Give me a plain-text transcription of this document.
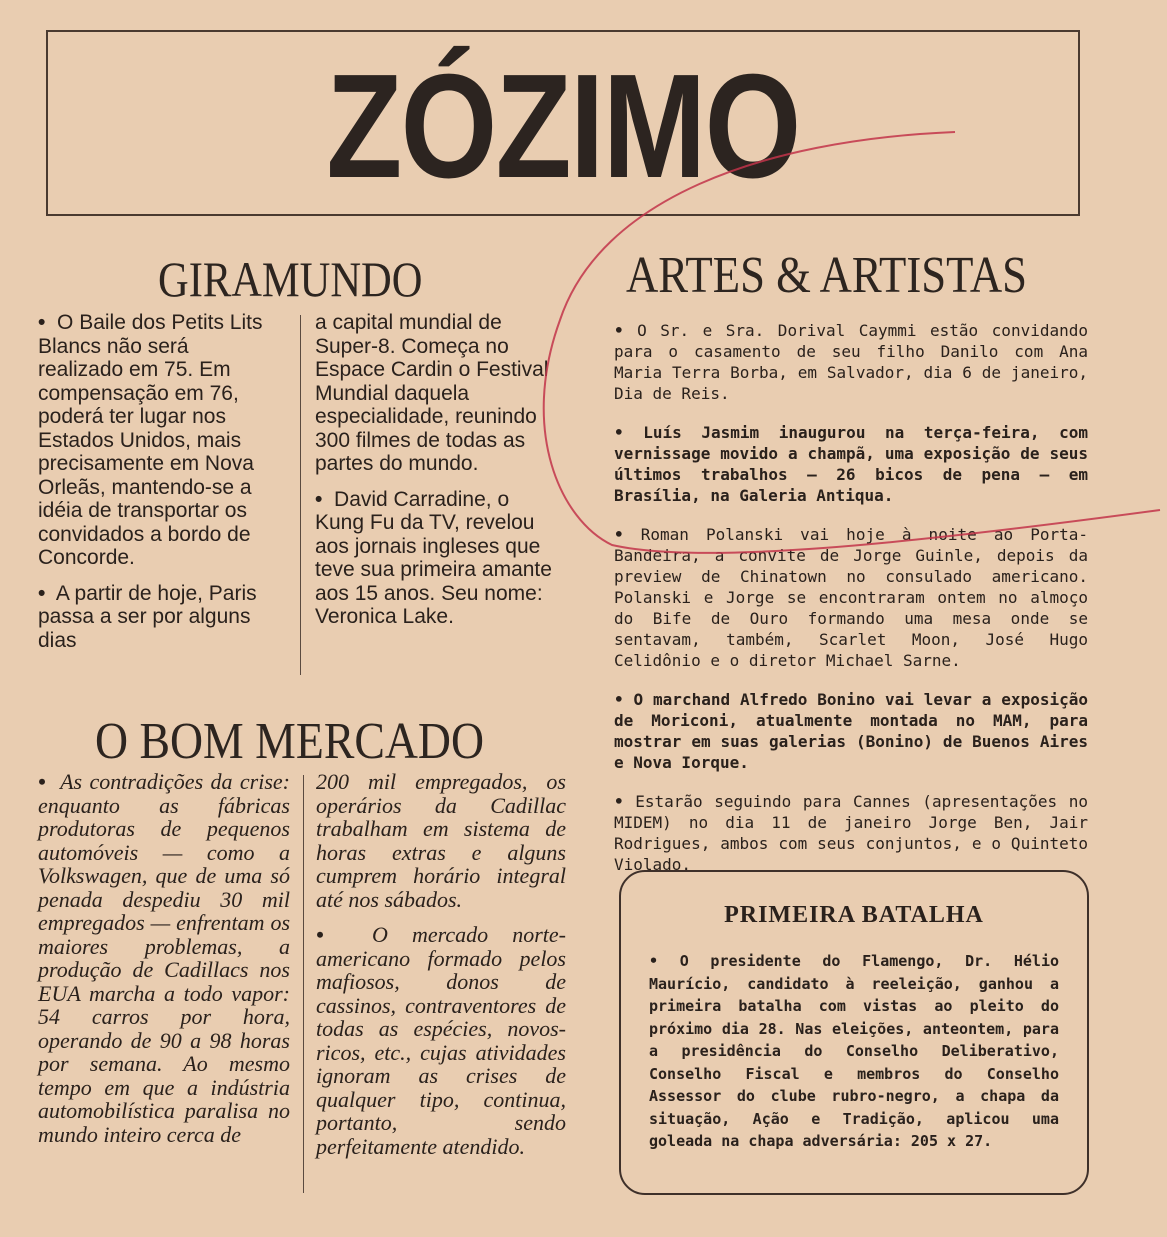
ZÓZIMO
GIRAMUNDO

• O Baile dos Petits Lits Blancs não será realizado em 75. Em compensação em 76, poderá ter lugar nos Estados Unidos, mais precisamente em Nova Orleãs, mantendo-se a idéia de transportar os convidados a bordo de Concorde.

• A partir de hoje, Paris passa a ser por alguns dias

a capital mundial de Super-8. Começa no Espace Cardin o Festival Mundial daquela especialidade, reunindo 300 filmes de todas as partes do mundo.

• David Carradine, o Kung Fu da TV, revelou aos jornais ingleses que teve sua primeira amante aos 15 anos. Seu nome: Veronica Lake.

ARTES & ARTISTAS

• O Sr. e Sra. Dorival Caymmi estão convidando para o casamento de seu filho Danilo com Ana Maria Terra Borba, em Salvador, dia 6 de janeiro, Dia de Reis.

• Luís Jasmim inaugurou na terça-feira, com vernissage movido a champã, uma exposição de seus últimos trabalhos — 26 bicos de pena — em Brasília, na Galeria Antiqua.

• Roman Polanski vai hoje à noite ao Porta-Bandeira, a convite de Jorge Guinle, depois da preview de Chinatown no consulado americano. Polanski e Jorge se encontraram ontem no almoço do Bife de Ouro formando uma mesa onde se sentavam, também, Scarlet Moon, José Hugo Celidônio e o diretor Michael Sarne.

• O marchand Alfredo Bonino vai levar a exposição de Moriconi, atualmente montada no MAM, para mostrar em suas galerias (Bonino) de Buenos Aires e Nova Iorque.

• Estarão seguindo para Cannes (apresentações no MIDEM) no dia 11 de janeiro Jorge Ben, Jair Rodrigues, ambos com seus conjuntos, e o Quinteto Violado.

O BOM MERCADO

• As contradições da crise: enquanto as fábricas produtoras de pequenos automóveis — como a Volkswagen, que de uma só penada despediu 30 mil empregados — enfrentam os maiores problemas, a produção de Cadillacs nos EUA marcha a todo vapor: 54 carros por hora, operando de 90 a 98 horas por semana. Ao mesmo tempo em que a indústria automobilística paralisa no mundo inteiro cerca de

200 mil empregados, os operários da Cadillac trabalham em sistema de horas extras e alguns cumprem horário integral até nos sábados.

• O mercado norte-americano formado pelos mafiosos, donos de cassinos, contraventores de todas as espécies, novos-ricos, etc., cujas atividades ignoram as crises de qualquer tipo, continua, portanto, sendo perfeitamente atendido.

PRIMEIRA BATALHA
• O presidente do Flamengo, Dr. Hélio Maurício, candidato à reeleição, ganhou a primeira batalha com vistas ao pleito do próximo dia 28. Nas eleições, anteontem, para a presidência do Conselho Deliberativo, Conselho Fiscal e membros do Conselho Assessor do clube rubro-negro, a chapa da situação, Ação e Tradição, aplicou uma goleada na chapa adversária: 205 x 27.
